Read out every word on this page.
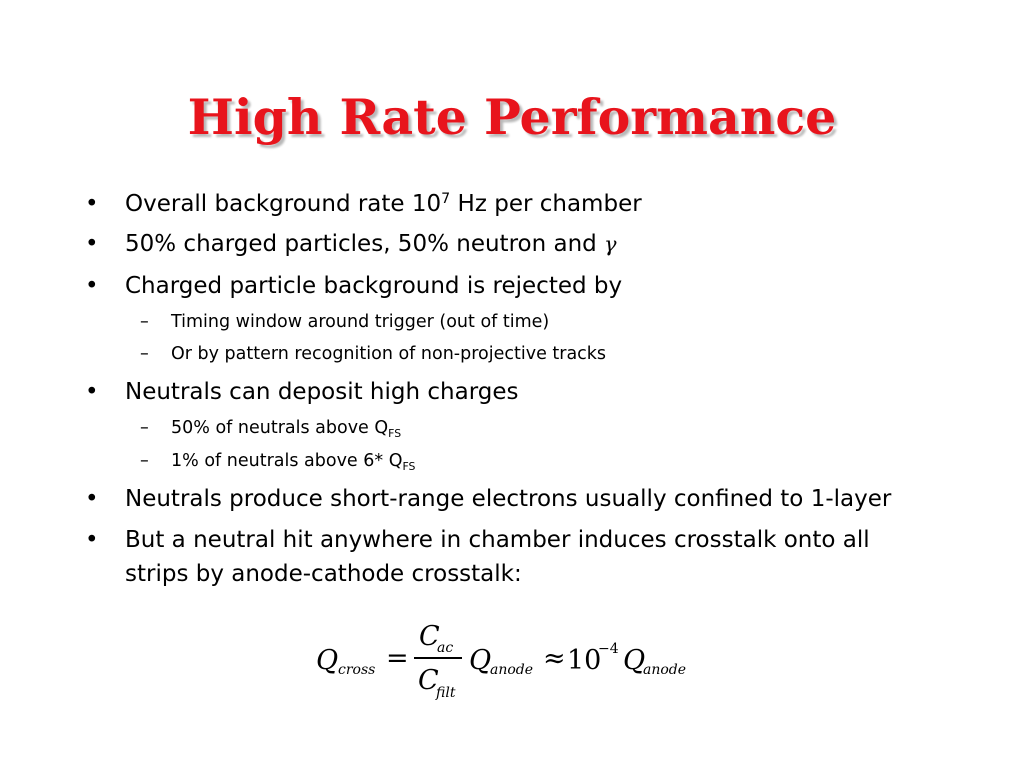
High Rate Performance
• Overall background rate $10^7$ Hz per chamber
• 50% charged particles, 50% neutron and γ
• Charged particle background is rejected by
– Timing window around trigger (out of time)
– Or by pattern recognition of non-projective tracks
• Neutrals can deposit high charges
– 50% of neutrals above $Q_{FS}$
– 1% of neutrals above 6* $Q_{FS}$
• Neutrals produce short-range electrons usually confined to 1-layer
• But a neutral hit anywhere in chamber induces crosstalk onto all
strips by anode-cathode crosstalk:
Q cross =
C
ac
C
filt
Q
anode ≈ 10
−4 Q
anode
